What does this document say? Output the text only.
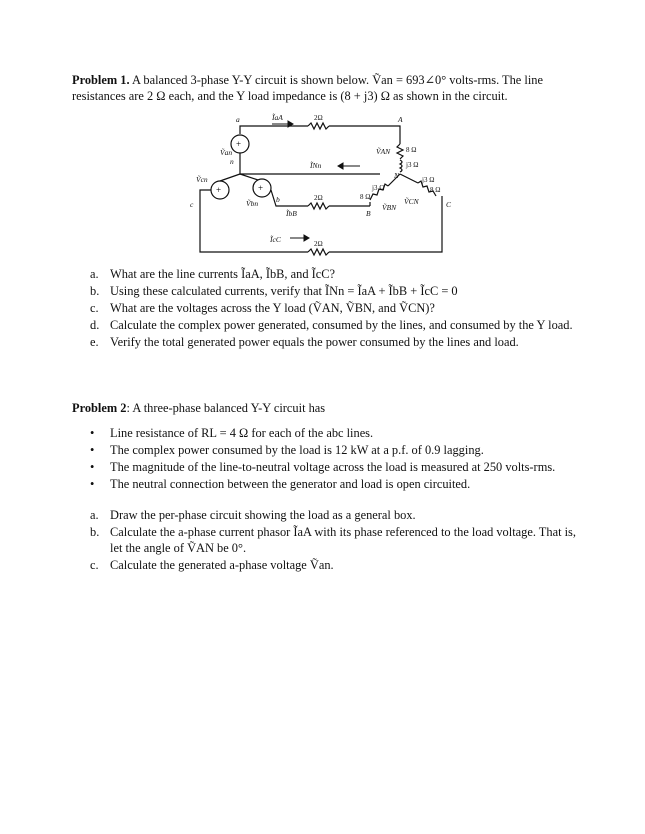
Problem 1. A balanced 3-phase Y-Y circuit is shown below. Ṽan = 693∠0° volts-rms. The line
resistances are 2 Ω each, and the Y load impedance is (8 + j3) Ω as shown in the circuit.
+
+	+
a	A
n
N
b
B
c	C
Ṽan
Ṽcn
Ṽbn
ĨaA
ĨNn
ĨbB
ĨcC
ṼAN
ṼBN
ṼCN
2Ω
2Ω
2Ω
8 Ω
j3 Ω
j3 Ω
8 Ω
j3 Ω
8 Ω
a. What are the line currents ĨaA, ĨbB, and ĨcC?
b. Using these calculated currents, verify that ĨNn = ĨaA + ĨbB + ĨcC = 0
c. What are the voltages across the Y load (ṼAN, ṼBN, and ṼCN)?
d. Calculate the complex power generated, consumed by the lines, and consumed by the Y load.
e. Verify the total generated power equals the power consumed by the lines and load.
Problem 2: A three-phase balanced Y-Y circuit has
• Line resistance of RL = 4 Ω for each of the abc lines.
• The complex power consumed by the load is 12 kW at a p.f. of 0.9 lagging.
• The magnitude of the line-to-neutral voltage across the load is measured at 250 volts-rms.
• The neutral connection between the generator and load is open circuited.
a. Draw the per-phase circuit showing the load as a general box.
b. Calculate the a-phase current phasor ĨaA with its phase referenced to the load voltage. That is, let the angle of ṼAN be 0°.
c. Calculate the generated a-phase voltage Ṽan.
